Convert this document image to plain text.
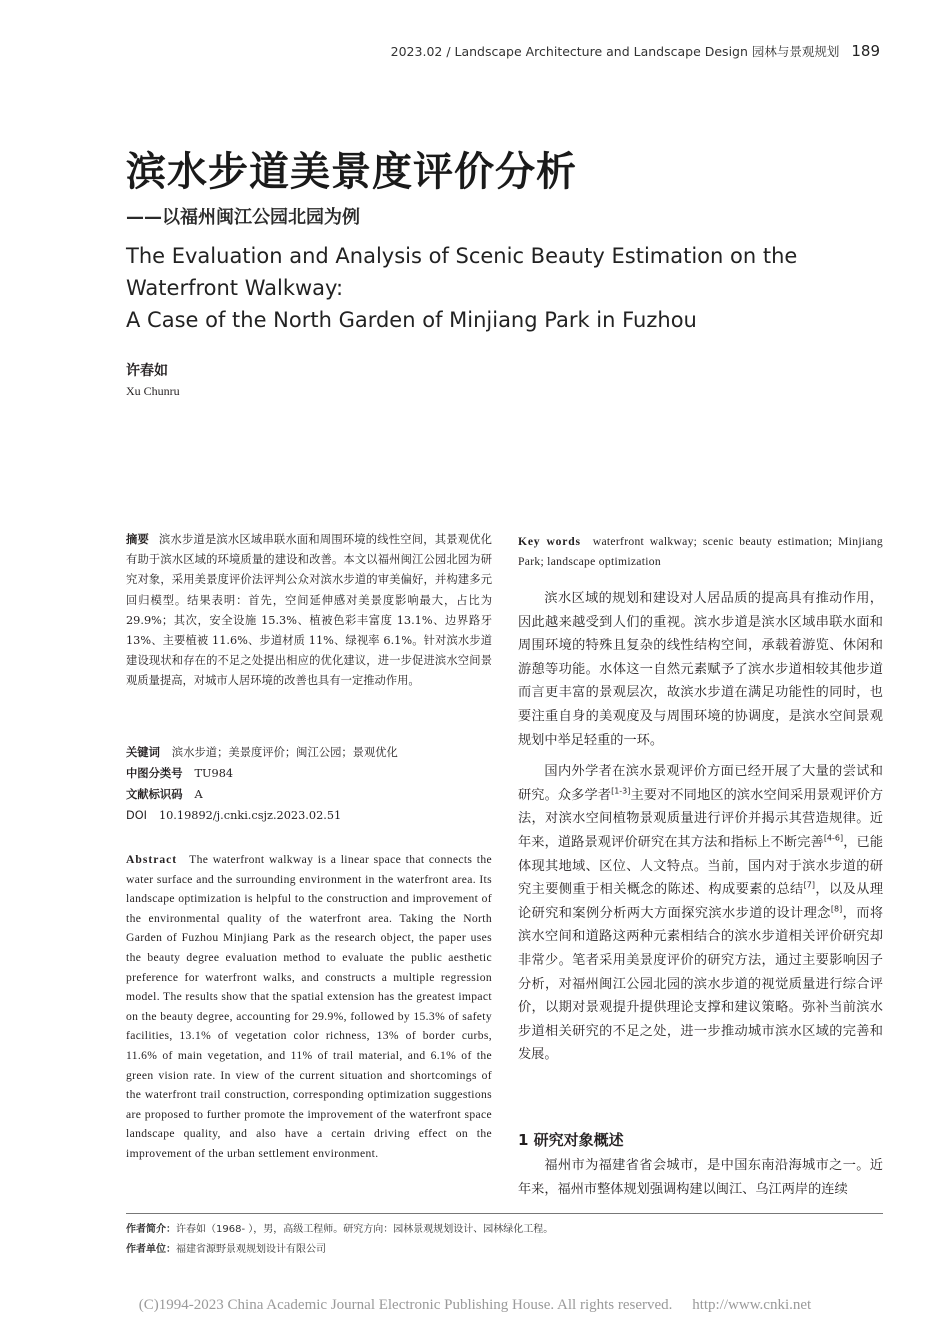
2023.02 / Landscape Architecture and Landscape Design 园林与景观规划 189
滨水步道美景度评价分析
——以福州闽江公园北园为例
The Evaluation and Analysis of Scenic Beauty Estimation on the Waterfront Walkway:
A Case of the North Garden of Minjiang Park in Fuzhou
许春如
Xu Chunru
摘要 滨水步道是滨水区域串联水面和周围环境的线性空间，其景观优化有助于滨水区域的环境质量的建设和改善。本文以福州闽江公园北园为研究对象，采用美景度评价法评判公众对滨水步道的审美偏好，并构建多元回归模型。结果表明：首先，空间延伸感对美景度影响最大，占比为 29.9%；其次，安全设施 15.3%、植被色彩丰富度 13.1%、边界路牙 13%、主要植被 11.6%、步道材质 11%、绿视率 6.1%。针对滨水步道建设现状和存在的不足之处提出相应的优化建议，进一步促进滨水空间景观质量提高，对城市人居环境的改善也具有一定推动作用。
关键词 滨水步道；美景度评价；闽江公园；景观优化
中图分类号 TU984
文献标识码 A
DOI 10.19892/j.cnki.csjz.2023.02.51
Abstract The waterfront walkway is a linear space that connects the water surface and the surrounding environment in the waterfront area. Its landscape optimization is helpful to the construction and improvement of the environmental quality of the waterfront area. Taking the North Garden of Fuzhou Minjiang Park as the research object, the paper uses the beauty degree evaluation method to evaluate the public aesthetic preference for waterfront walks, and constructs a multiple regression model. The results show that the spatial extension has the greatest impact on the beauty degree, accounting for 29.9%, followed by 15.3% of safety facilities, 13.1% of vegetation color richness, 13% of border curbs, 11.6% of main vegetation, and 11% of trail material, and 6.1% of the green vision rate. In view of the current situation and shortcomings of the waterfront trail construction, corresponding optimization suggestions are proposed to further promote the improvement of the waterfront space landscape quality, and also have a certain driving effect on the improvement of the urban settlement environment.
Key words waterfront walkway; scenic beauty estimation; Minjiang Park; landscape optimization

滨水区域的规划和建设对人居品质的提高具有推动作用，因此越来越受到人们的重视。滨水步道是滨水区域串联水面和周围环境的特殊且复杂的线性结构空间，承载着游览、休闲和游憩等功能。水体这一自然元素赋予了滨水步道相较其他步道而言更丰富的景观层次，故滨水步道在满足功能性的同时，也要注重自身的美观度及与周围环境的协调度，是滨水空间景观规划中举足轻重的一环。

国内外学者在滨水景观评价方面已经开展了大量的尝试和研究。众多学者[1-3]主要对不同地区的滨水空间采用景观评价方法，对滨水空间植物景观质量进行评价并揭示其营造规律。近年来，道路景观评价研究在其方法和指标上不断完善[4-6]，已能体现其地域、区位、人文特点。当前，国内对于滨水步道的研究主要侧重于相关概念的陈述、构成要素的总结[7]，以及从理论研究和案例分析两大方面探究滨水步道的设计理念[8]，而将滨水空间和道路这两种元素相结合的滨水步道相关评价研究却非常少。笔者采用美景度评价的研究方法，通过主要影响因子分析，对福州闽江公园北园的滨水步道的视觉质量进行综合评价，以期对景观提升提供理论支撑和建议策略。弥补当前滨水步道相关研究的不足之处，进一步推动城市滨水区域的完善和发展。

1 研究对象概述

福州市为福建省省会城市，是中国东南沿海城市之一。近年来，福州市整体规划强调构建以闽江、乌江两岸的连续

作者简介：许春如（1968- ），男，高级工程师。研究方向：园林景观规划设计、园林绿化工程。
作者单位：福建省源野景观规划设计有限公司
(C)1994-2023 China Academic Journal Electronic Publishing House. All rights reserved. http://www.cnki.net
